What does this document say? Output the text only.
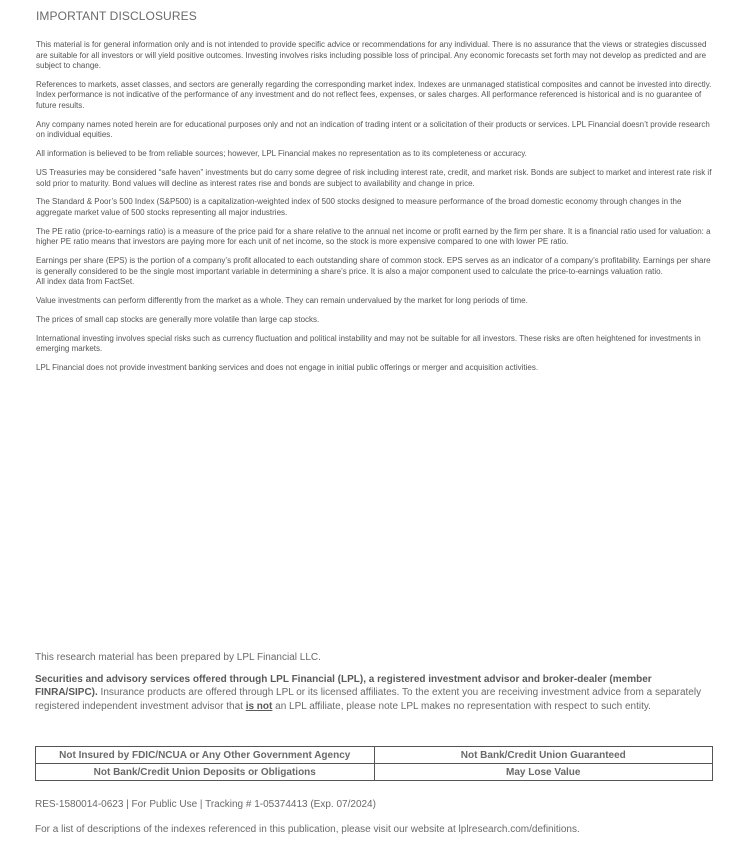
IMPORTANT DISCLOSURES

This material is for general information only and is not intended to provide specific advice or recommendations for any individual. There is no assurance that the views or strategies discussed are suitable for all investors or will yield positive outcomes. Investing involves risks including possible loss of principal. Any economic forecasts set forth may not develop as predicted and are subject to change.

References to markets, asset classes, and sectors are generally regarding the corresponding market index. Indexes are unmanaged statistical composites and cannot be invested into directly. Index performance is not indicative of the performance of any investment and do not reflect fees, expenses, or sales charges. All performance referenced is historical and is no guarantee of future results.

Any company names noted herein are for educational purposes only and not an indication of trading intent or a solicitation of their products or services. LPL Financial doesn’t provide research on individual equities.

All information is believed to be from reliable sources; however, LPL Financial makes no representation as to its completeness or accuracy.

US Treasuries may be considered “safe haven” investments but do carry some degree of risk including interest rate, credit, and market risk. Bonds are subject to market and interest rate risk if sold prior to maturity. Bond values will decline as interest rates rise and bonds are subject to availability and change in price.

The Standard & Poor’s 500 Index (S&P500) is a capitalization-weighted index of 500 stocks designed to measure performance of the broad domestic economy through changes in the aggregate market value of 500 stocks representing all major industries.

The PE ratio (price-to-earnings ratio) is a measure of the price paid for a share relative to the annual net income or profit earned by the firm per share. It is a financial ratio used for valuation: a higher PE ratio means that investors are paying more for each unit of net income, so the stock is more expensive compared to one with lower PE ratio.

Earnings per share (EPS) is the portion of a company’s profit allocated to each outstanding share of common stock. EPS serves as an indicator of a company’s profitability. Earnings per share is generally considered to be the single most important variable in determining a share’s price. It is also a major component used to calculate the price-to-earnings valuation ratio.
All index data from FactSet.

Value investments can perform differently from the market as a whole. They can remain undervalued by the market for long periods of time.

The prices of small cap stocks are generally more volatile than large cap stocks.

International investing involves special risks such as currency fluctuation and political instability and may not be suitable for all investors. These risks are often heightened for investments in emerging markets.

LPL Financial does not provide investment banking services and does not engage in initial public offerings or merger and acquisition activities.

This research material has been prepared by LPL Financial LLC.

Securities and advisory services offered through LPL Financial (LPL), a registered investment advisor and broker-dealer (member FINRA/SIPC). Insurance products are offered through LPL or its licensed affiliates. To the extent you are receiving investment advice from a separately registered independent investment advisor that is not an LPL affiliate, please note LPL makes no representation with respect to such entity.

Not Insured by FDIC/NCUA or Any Other Government Agency	Not Bank/Credit Union Guaranteed
Not Bank/Credit Union Deposits or Obligations	May Lose Value
RES-1580014-0623 | For Public Use | Tracking # 1-05374413 (Exp. 07/2024)
For a list of descriptions of the indexes referenced in this publication, please visit our website at lplresearch.com/definitions.
